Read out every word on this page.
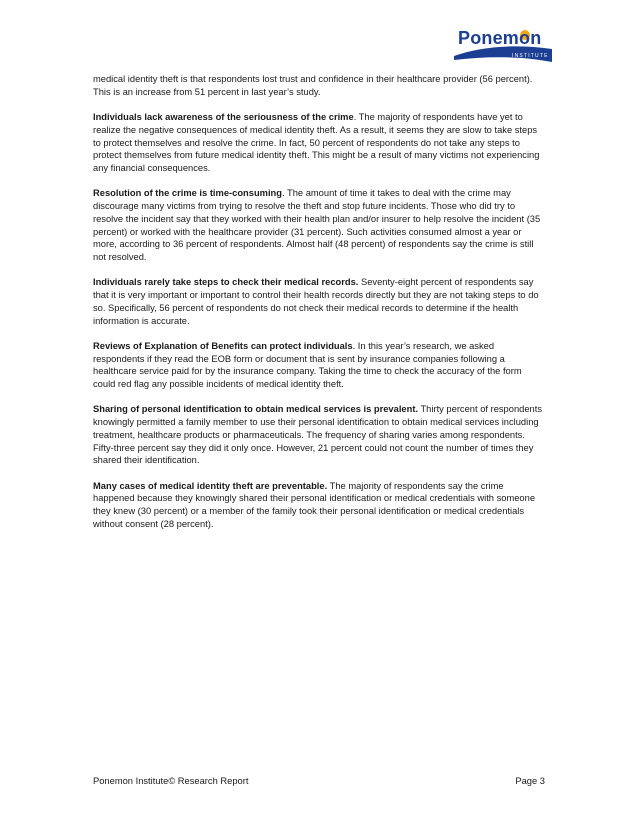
Ponemon
INSTITUTE

medical identity theft is that respondents lost trust and confidence in their healthcare provider (56 percent). This is an increase from 51 percent in last year’s study.

Individuals lack awareness of the seriousness of the crime. The majority of respondents have yet to realize the negative consequences of medical identity theft. As a result, it seems they are slow to take steps to protect themselves and resolve the crime. In fact, 50 percent of respondents do not take any steps to protect themselves from future medical identity theft. This might be a result of many victims not experiencing any financial consequences.

Resolution of the crime is time-consuming. The amount of time it takes to deal with the crime may discourage many victims from trying to resolve the theft and stop future incidents. Those who did try to resolve the incident say that they worked with their health plan and/or insurer to help resolve the incident (35 percent) or worked with the healthcare provider (31 percent). Such activities consumed almost a year or more, according to 36 percent of respondents. Almost half (48 percent) of respondents say the crime is still not resolved.

Individuals rarely take steps to check their medical records. Seventy-eight percent of respondents say that it is very important or important to control their health records directly but they are not taking steps to do so. Specifically, 56 percent of respondents do not check their medical records to determine if the health information is accurate.

Reviews of Explanation of Benefits can protect individuals. In this year’s research, we asked respondents if they read the EOB form or document that is sent by insurance companies following a healthcare service paid for by the insurance company. Taking the time to check the accuracy of the form could red flag any possible incidents of medical identity theft.

Sharing of personal identification to obtain medical services is prevalent. Thirty percent of respondents knowingly permitted a family member to use their personal identification to obtain medical services including treatment, healthcare products or pharmaceuticals. The frequency of sharing varies among respondents. Fifty-three percent say they did it only once. However, 21 percent could not count the number of times they shared their identification.

Many cases of medical identity theft are preventable. The majority of respondents say the crime happened because they knowingly shared their personal identification or medical credentials with someone they knew (30 percent) or a member of the family took their personal identification or medical credentials without consent (28 percent).

Ponemon Institute© Research Report	Page 3
